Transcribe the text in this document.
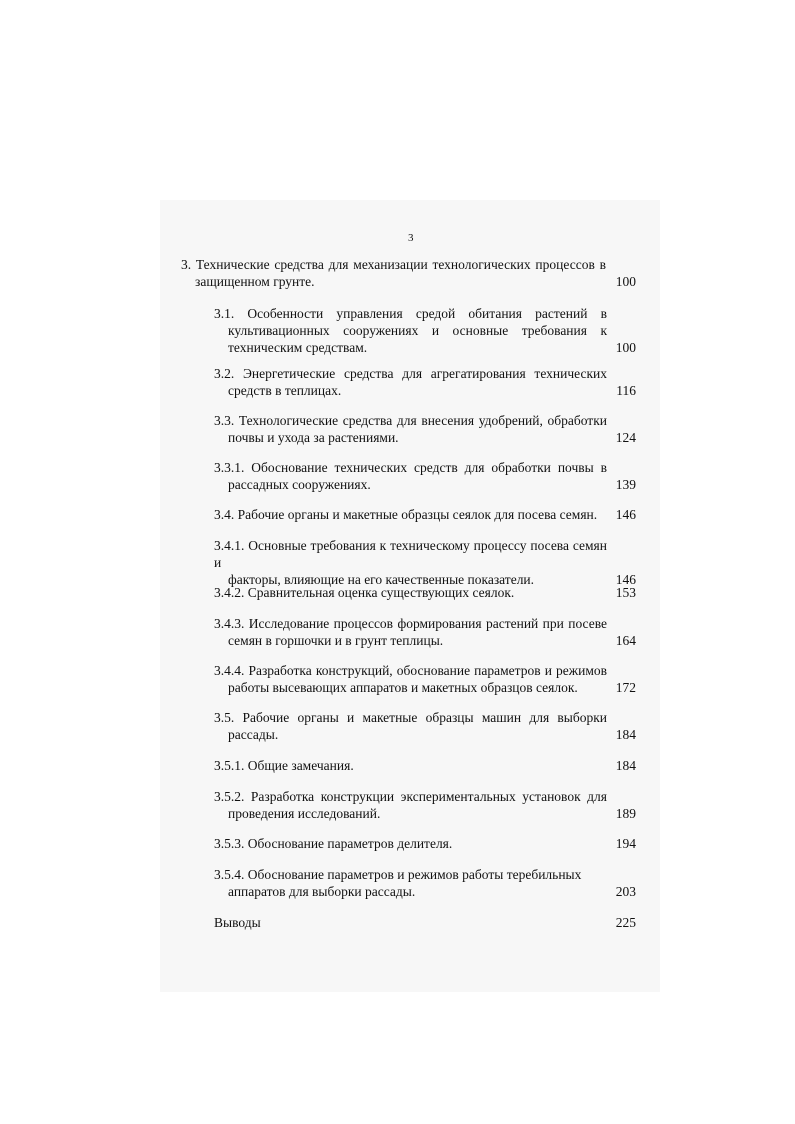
3
3. Технические средства для механизации технологических процессов в
защищенном грунте.	100
3.1. Особенности управления средой обитания растений в
культивационных сооружениях и основные требования к
техническим средствам.	100
3.2. Энергетические средства для агрегатирования технических
средств в теплицах.	116
3.3. Технологические средства для внесения удобрений, обработки
почвы и ухода за растениями.	124
3.3.1. Обоснование технических средств для обработки почвы в
рассадных сооружениях.	139
3.4. Рабочие органы и макетные образцы сеялок для посева семян.	146
3.4.1. Основные требования к техническому процессу посева семян и
факторы, влияющие на его качественные показатели.	146
3.4.2. Сравнительная оценка существующих сеялок.	153
3.4.3. Исследование процессов формирования растений при посеве
семян в горшочки и в грунт теплицы.	164
3.4.4. Разработка конструкций, обоснование параметров и режимов
работы высевающих аппаратов и макетных образцов сеялок.	172
3.5. Рабочие органы и макетные образцы машин для выборки
рассады.	184
3.5.1. Общие замечания.	184
3.5.2. Разработка конструкции экспериментальных установок для
проведения исследований.	189
3.5.3. Обоснование параметров делителя.	194
3.5.4. Обоснование параметров и режимов работы теребильных
аппаратов для выборки рассады.	203
Выводы	225
